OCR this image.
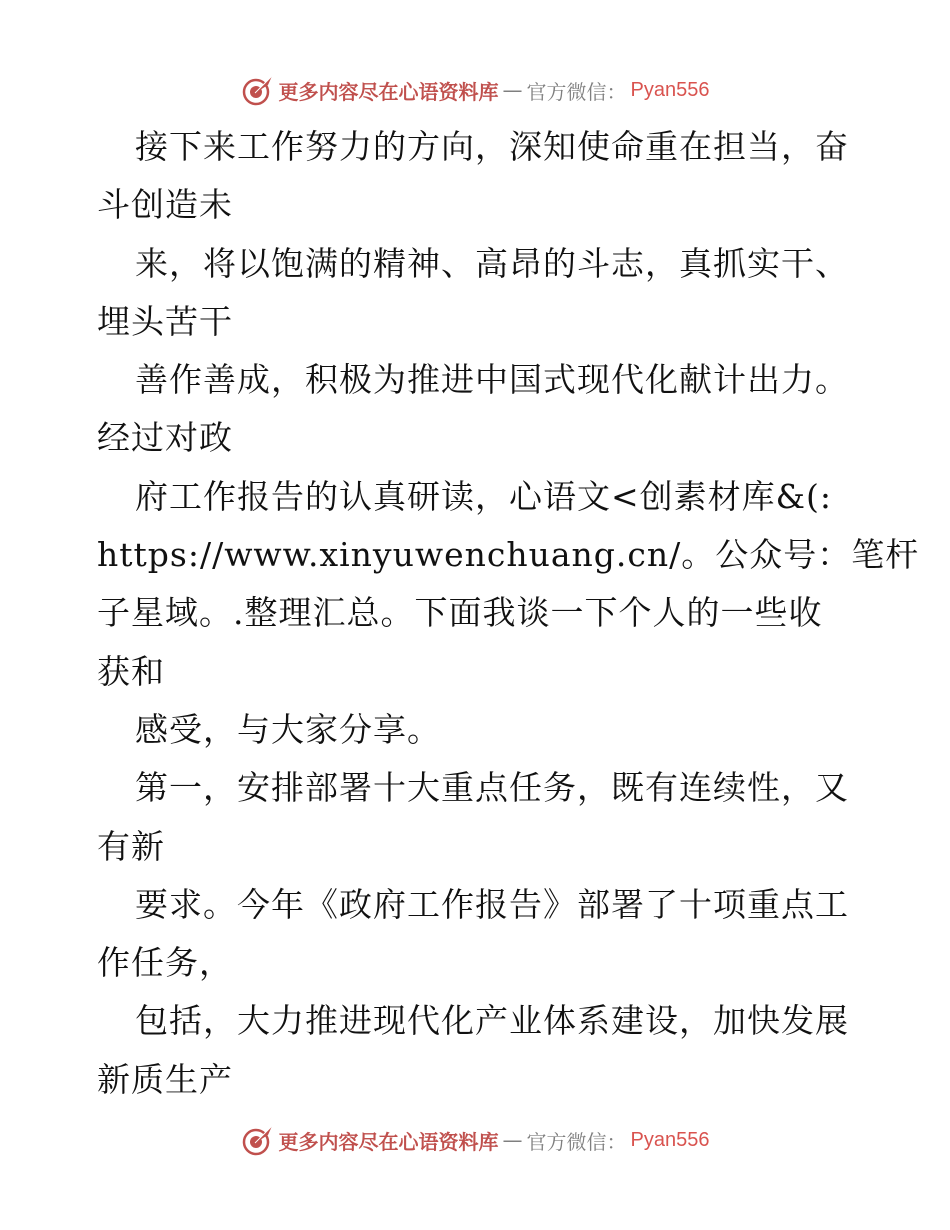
更多内容尽在心语资料库 — 官方微信： Pyan556
接下来工作努力的方向，深知使命重在担当，奋
斗创造未
来，将以饱满的精神、高昂的斗志，真抓实干、
埋头苦干
善作善成，积极为推进中国式现代化献计出力。
经过对政
府工作报告的认真研读，心语文<创素材库&(:
https://www.xinyuwenchuang.cn/。公众号：笔杆
子星域。.整理汇总。下面我谈一下个人的一些收
获和
感受，与大家分享。
第一，安排部署十大重点任务，既有连续性，又
有新
要求。今年《政府工作报告》部署了十项重点工
作任务，
包括，大力推进现代化产业体系建设，加快发展
新质生产
更多内容尽在心语资料库 — 官方微信： Pyan556
